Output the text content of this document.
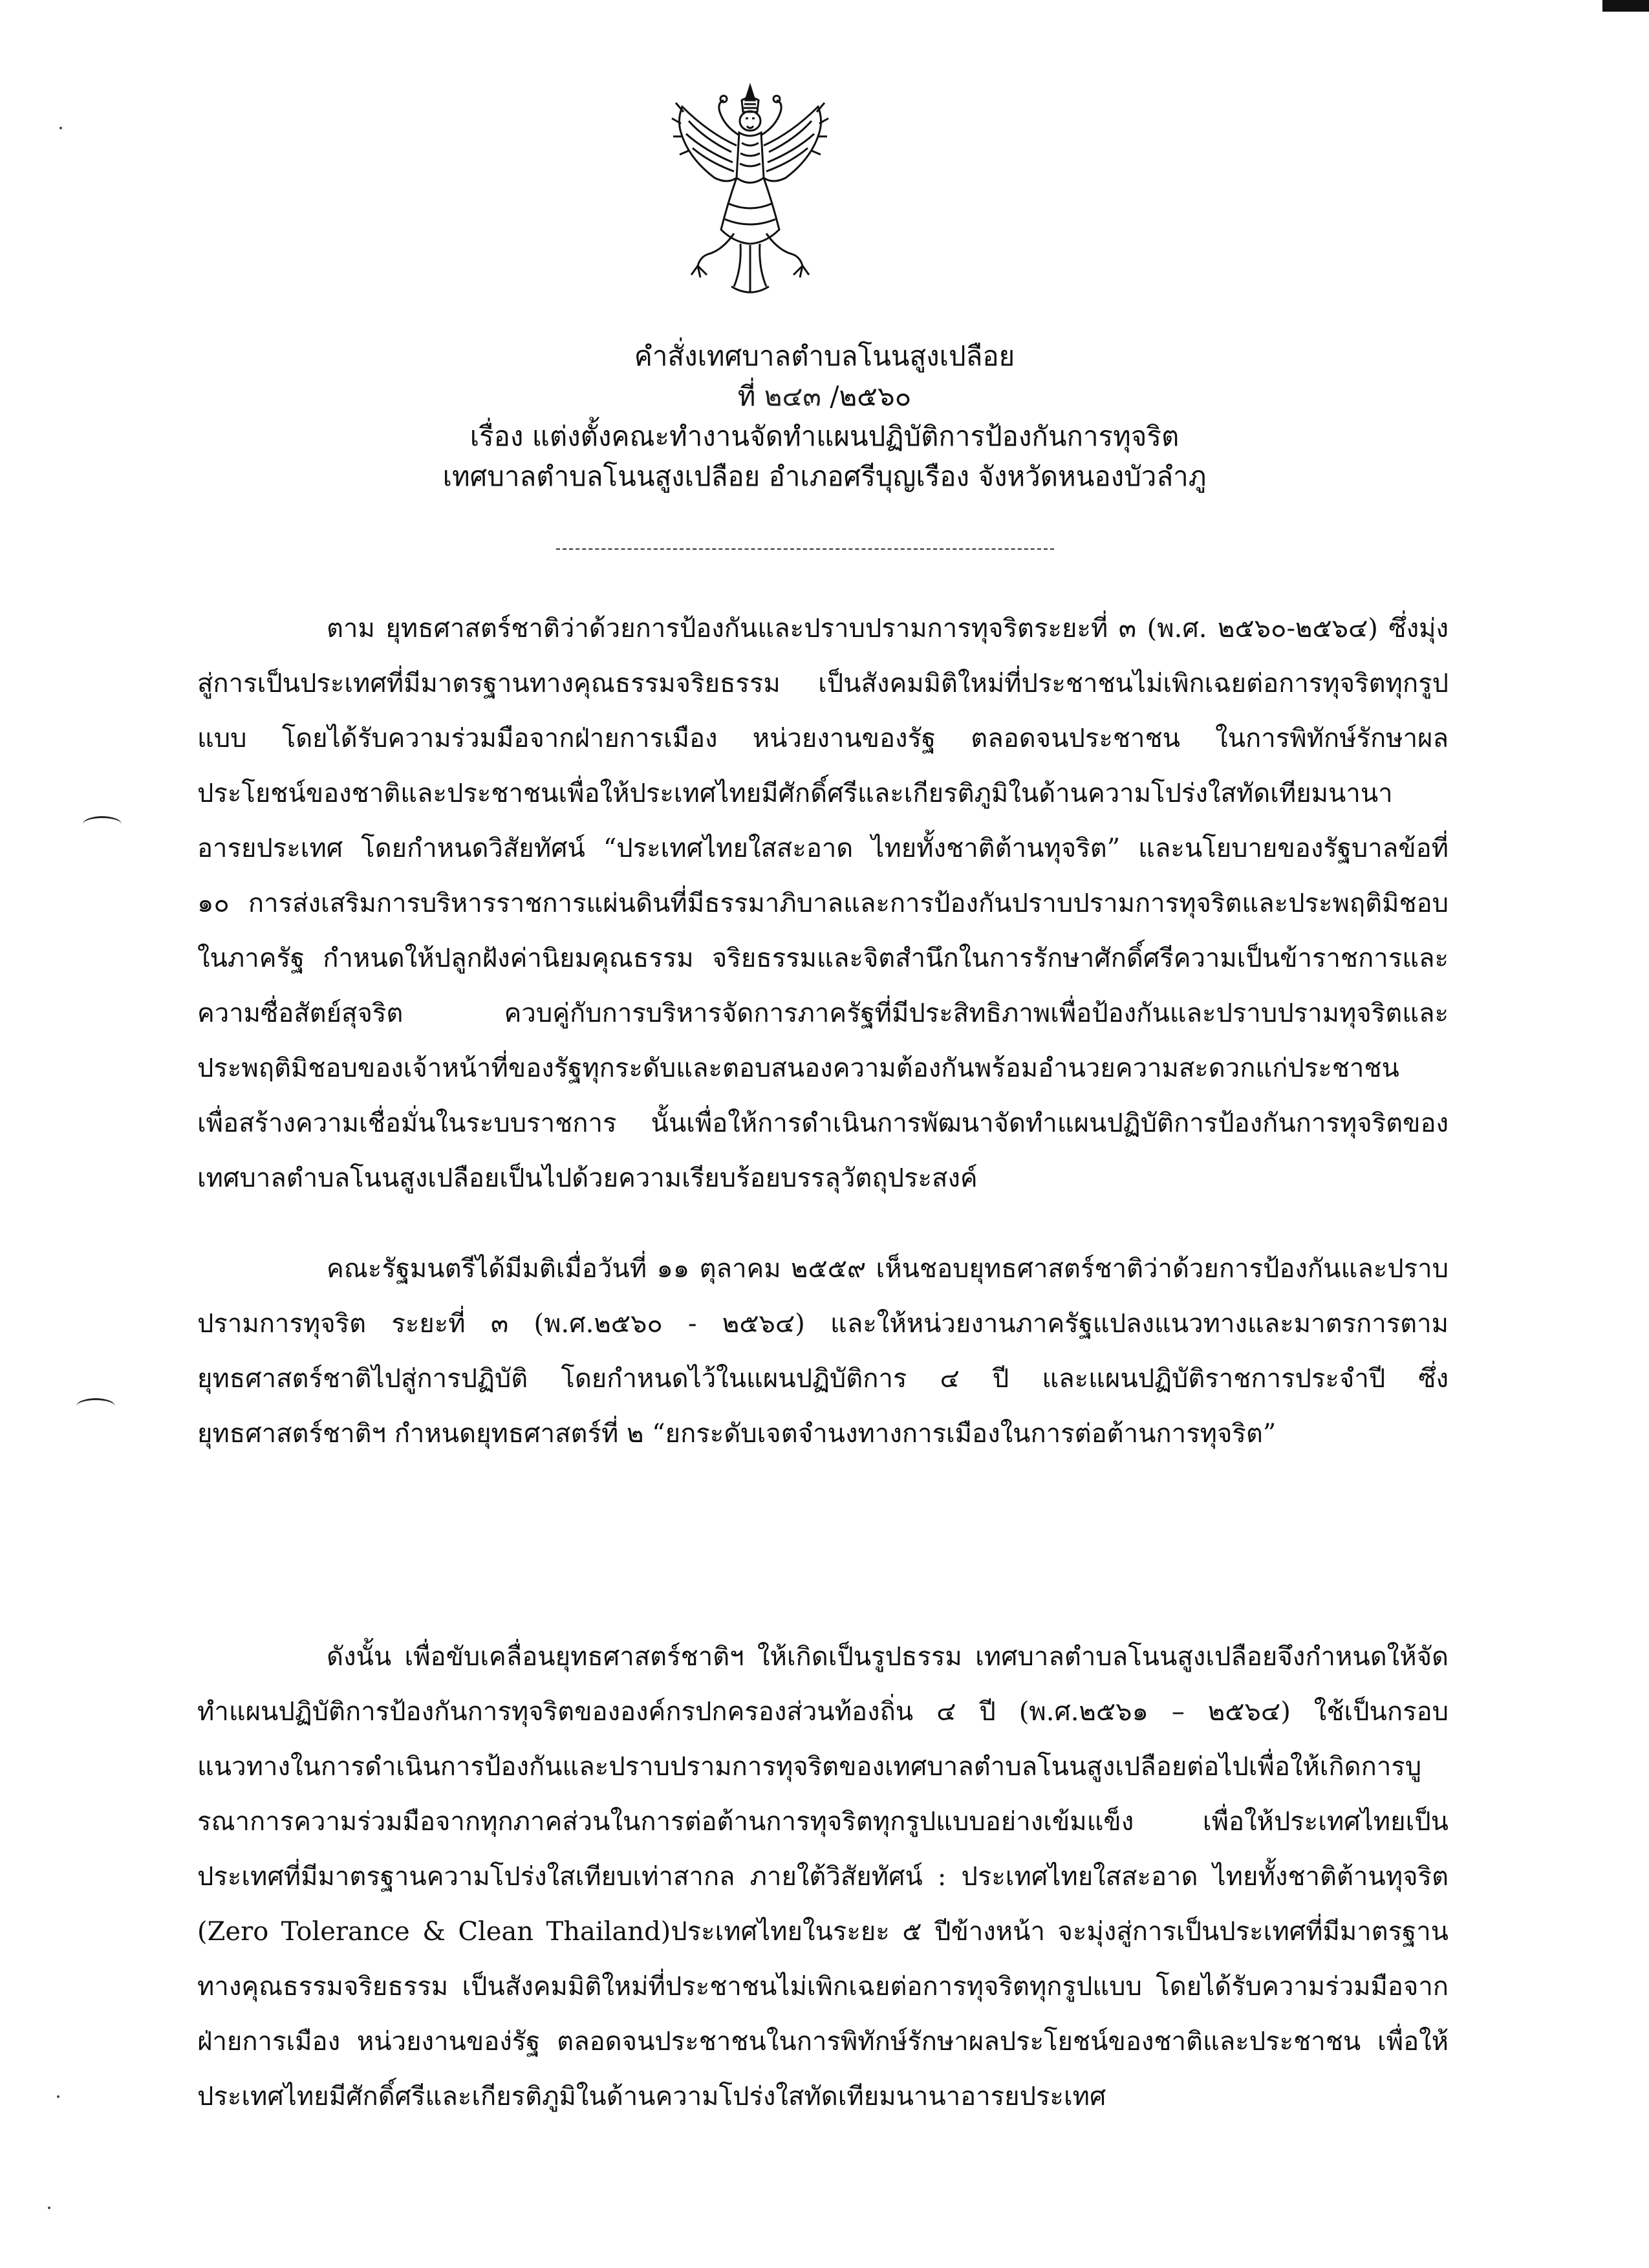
คำสั่งเทศบาลตำบลโนนสูงเปลือย
ที่ ๒๔๓ /๒๕๖๐
เรื่อง แต่งตั้งคณะทำงานจัดทำแผนปฏิบัติการป้องกันการทุจริต
เทศบาลตำบลโนนสูงเปลือย อำเภอศรีบุญเรือง จังหวัดหนองบัวลำภู

ตาม ยุทธศาสตร์ชาติว่าด้วยการป้องกันและปราบปรามการทุจริตระยะที่ ๓ (พ.ศ. ๒๕๖๐-๒๕๖๔) ซึ่งมุ่งสู่การเป็นประเทศที่มีมาตรฐานทางคุณธรรมจริยธรรม เป็นสังคมมิติใหม่ที่ประชาชนไม่เพิกเฉยต่อการทุจริตทุกรูปแบบ โดยได้รับความร่วมมือจากฝ่ายการเมือง หน่วยงานของรัฐ ตลอดจนประชาชน ในการพิทักษ์รักษาผลประโยชน์ของชาติและประชาชนเพื่อให้ประเทศไทยมีศักดิ์ศรีและเกียรติภูมิในด้านความโปร่งใสทัดเทียมนานาอารยประเทศ โดยกำหนดวิสัยทัศน์ “ประเทศไทยใสสะอาด ไทยทั้งชาติต้านทุจริต” และนโยบายของรัฐบาลข้อที่ ๑๐ การส่งเสริมการบริหารราชการแผ่นดินที่มีธรรมาภิบาลและการป้องกันปราบปรามการทุจริตและประพฤติมิชอบในภาครัฐ กำหนดให้ปลูกฝังค่านิยมคุณธรรม จริยธรรมและจิตสำนึกในการรักษาศักดิ์ศรีความเป็นข้าราชการและความซื่อสัตย์สุจริต ควบคู่กับการบริหารจัดการภาครัฐที่มีประสิทธิภาพเพื่อป้องกันและปราบปรามทุจริตและประพฤติมิชอบของเจ้าหน้าที่ของรัฐทุกระดับและตอบสนองความต้องกันพร้อมอำนวยความสะดวกแก่ประชาชน เพื่อสร้างความเชื่อมั่นในระบบราชการ นั้นเพื่อให้การดำเนินการพัฒนาจัดทำแผนปฏิบัติการป้องกันการทุจริตของเทศบาลตำบลโนนสูงเปลือยเป็นไปด้วยความเรียบร้อยบรรลุวัตถุประสงค์

คณะรัฐมนตรีได้มีมติเมื่อวันที่ ๑๑ ตุลาคม ๒๕๕๙ เห็นชอบยุทธศาสตร์ชาติว่าด้วยการป้องกันและปราบปรามการทุจริต ระยะที่ ๓ (พ.ศ.๒๕๖๐ - ๒๕๖๔) และให้หน่วยงานภาครัฐแปลงแนวทางและมาตรการตามยุทธศาสตร์ชาติไปสู่การปฏิบัติ โดยกำหนดไว้ในแผนปฏิบัติการ ๔ ปี และแผนปฏิบัติราชการประจำปี ซึ่งยุทธศาสตร์ชาติฯ กำหนดยุทธศาสตร์ที่ ๒ “ยกระดับเจตจำนงทางการเมืองในการต่อต้านการทุจริต”

ดังนั้น เพื่อขับเคลื่อนยุทธศาสตร์ชาติฯ ให้เกิดเป็นรูปธรรม เทศบาลตำบลโนนสูงเปลือยจึงกำหนดให้จัดทำแผนปฏิบัติการป้องกันการทุจริตขององค์กรปกครองส่วนท้องถิ่น ๔ ปี (พ.ศ.๒๕๖๑ – ๒๕๖๔) ใช้เป็นกรอบแนวทางในการดำเนินการป้องกันและปราบปรามการทุจริตของเทศบาลตำบลโนนสูงเปลือยต่อไปเพื่อให้เกิดการบูรณาการความร่วมมือจากทุกภาคส่วนในการต่อต้านการทุจริตทุกรูปแบบอย่างเข้มแข็ง เพื่อให้ประเทศไทยเป็นประเทศที่มีมาตรฐานความโปร่งใสเทียบเท่าสากล ภายใต้วิสัยทัศน์ : ประเทศไทยใสสะอาด ไทยทั้งชาติต้านทุจริต (Zero Tolerance & Clean Thailand)ประเทศไทยในระยะ ๕ ปีข้างหน้า จะมุ่งสู่การเป็นประเทศที่มีมาตรฐานทางคุณธรรมจริยธรรม เป็นสังคมมิติใหม่ที่ประชาชนไม่เพิกเฉยต่อการทุจริตทุกรูปแบบ โดยได้รับความร่วมมือจากฝ่ายการเมือง หน่วยงานของ่รัฐ ตลอดจนประชาชนในการพิทักษ์รักษาผลประโยชน์ของชาติและประชาชน เพื่อให้ประเทศไทยมีศักดิ์ศรีและเกียรติภูมิในด้านความโปร่งใสทัดเทียมนานาอารยประเทศ
